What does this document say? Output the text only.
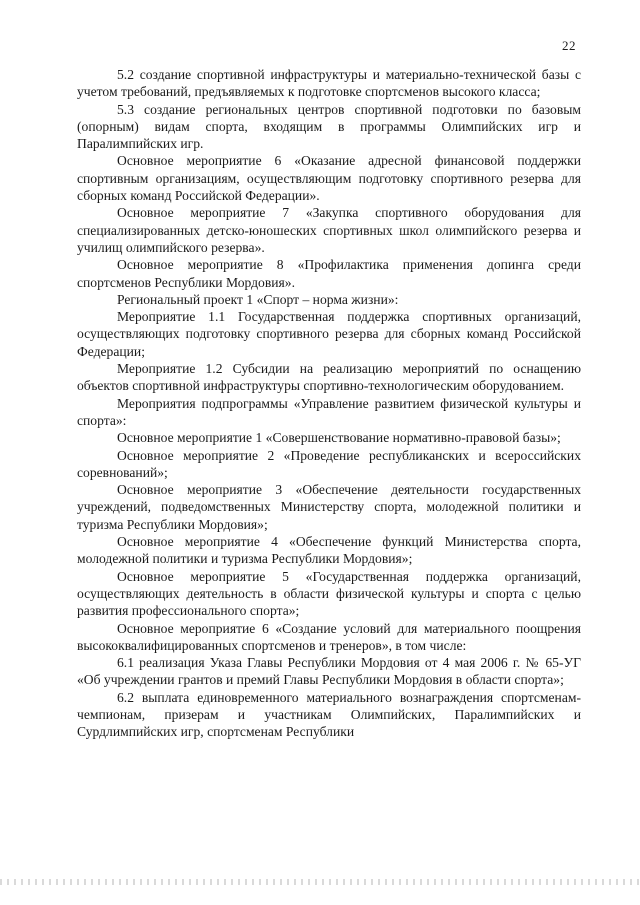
22

5.2 создание спортивной инфраструктуры и материально-технической базы с учетом требований, предъявляемых к подготовке спортсменов высокого класса;

5.3 создание региональных центров спортивной подготовки по базовым (опорным) видам спорта, входящим в программы Олимпийских игр и Паралимпийских игр.

Основное мероприятие 6 «Оказание адресной финансовой поддержки спортивным организациям, осуществляющим подготовку спортивного резерва для сборных команд Российской Федерации».

Основное мероприятие 7 «Закупка спортивного оборудования для специализированных детско-юношеских спортивных школ олимпийского резерва и училищ олимпийского резерва».

Основное мероприятие 8 «Профилактика применения допинга среди спортсменов Республики Мордовия».

Региональный проект 1 «Спорт – норма жизни»:

Мероприятие 1.1 Государственная поддержка спортивных организаций, осуществляющих подготовку спортивного резерва для сборных команд Российской Федерации;

Мероприятие 1.2 Субсидии на реализацию мероприятий по оснащению объектов спортивной инфраструктуры спортивно-технологическим оборудованием.

Мероприятия подпрограммы «Управление развитием физической культуры и спорта»:

Основное мероприятие 1 «Совершенствование нормативно-правовой базы»;

Основное мероприятие 2 «Проведение республиканских и всероссийских соревнований»;

Основное мероприятие 3 «Обеспечение деятельности государственных учреждений, подведомственных Министерству спорта, молодежной политики и туризма Республики Мордовия»;

Основное мероприятие 4 «Обеспечение функций Министерства спорта, молодежной политики и туризма Республики Мордовия»;

Основное мероприятие 5 «Государственная поддержка организаций, осуществляющих деятельность в области физической культуры и спорта с целью развития профессионального спорта»;

Основное мероприятие 6 «Создание условий для материального поощрения высококвалифицированных спортсменов и тренеров», в том числе:

6.1 реализация Указа Главы Республики Мордовия от 4 мая 2006 г. № 65-УГ «Об учреждении грантов и премий Главы Республики Мордовия в области спорта»;

6.2 выплата единовременного материального вознаграждения спортсменам-чемпионам, призерам и участникам Олимпийских, Паралимпийских и Сурдлимпийских игр, спортсменам Республики
